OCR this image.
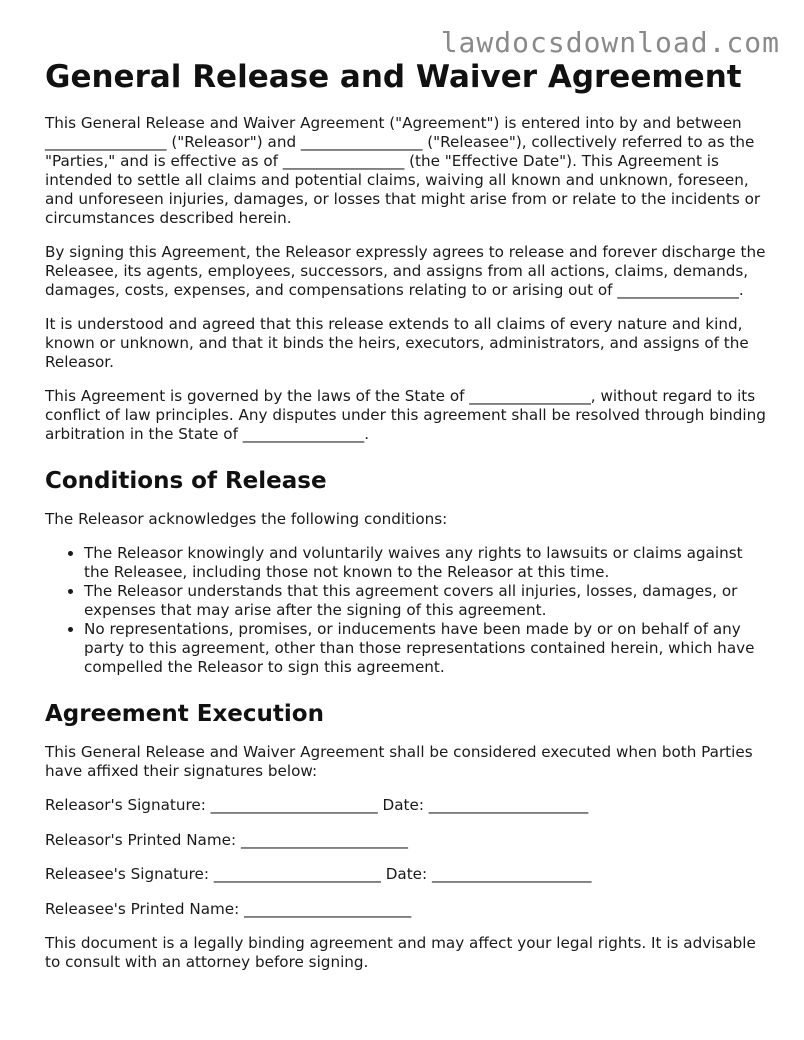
lawdocsdownload.com
General Release and Waiver Agreement

This General Release and Waiver Agreement ("Agreement") is entered into by and between ________________ ("Releasor") and ________________ ("Releasee"), collectively referred to as the "Parties," and is effective as of ________________ (the "Effective Date"). This Agreement is intended to settle all claims and potential claims, waiving all known and unknown, foreseen, and unforeseen injuries, damages, or losses that might arise from or relate to the incidents or circumstances described herein.

By signing this Agreement, the Releasor expressly agrees to release and forever discharge the Releasee, its agents, employees, successors, and assigns from all actions, claims, demands, damages, costs, expenses, and compensations relating to or arising out of ________________.

It is understood and agreed that this release extends to all claims of every nature and kind, known or unknown, and that it binds the heirs, executors, administrators, and assigns of the Releasor.

This Agreement is governed by the laws of the State of ________________, without regard to its conflict of law principles. Any disputes under this agreement shall be resolved through binding arbitration in the State of ________________.

Conditions of Release

The Releasor acknowledges the following conditions:

• The Releasor knowingly and voluntarily waives any rights to lawsuits or claims against the Releasee, including those not known to the Releasor at this time.
• The Releasor understands that this agreement covers all injuries, losses, damages, or expenses that may arise after the signing of this agreement.
• No representations, promises, or inducements have been made by or on behalf of any party to this agreement, other than those representations contained herein, which have compelled the Releasor to sign this agreement.
Agreement Execution

This General Release and Waiver Agreement shall be considered executed when both Parties have affixed their signatures below:

Releasor's Signature: ______________________ Date: _____________________
Releasor's Printed Name: ______________________
Releasee's Signature: ______________________ Date: _____________________
Releasee's Printed Name: ______________________

This document is a legally binding agreement and may affect your legal rights. It is advisable to consult with an attorney before signing.
